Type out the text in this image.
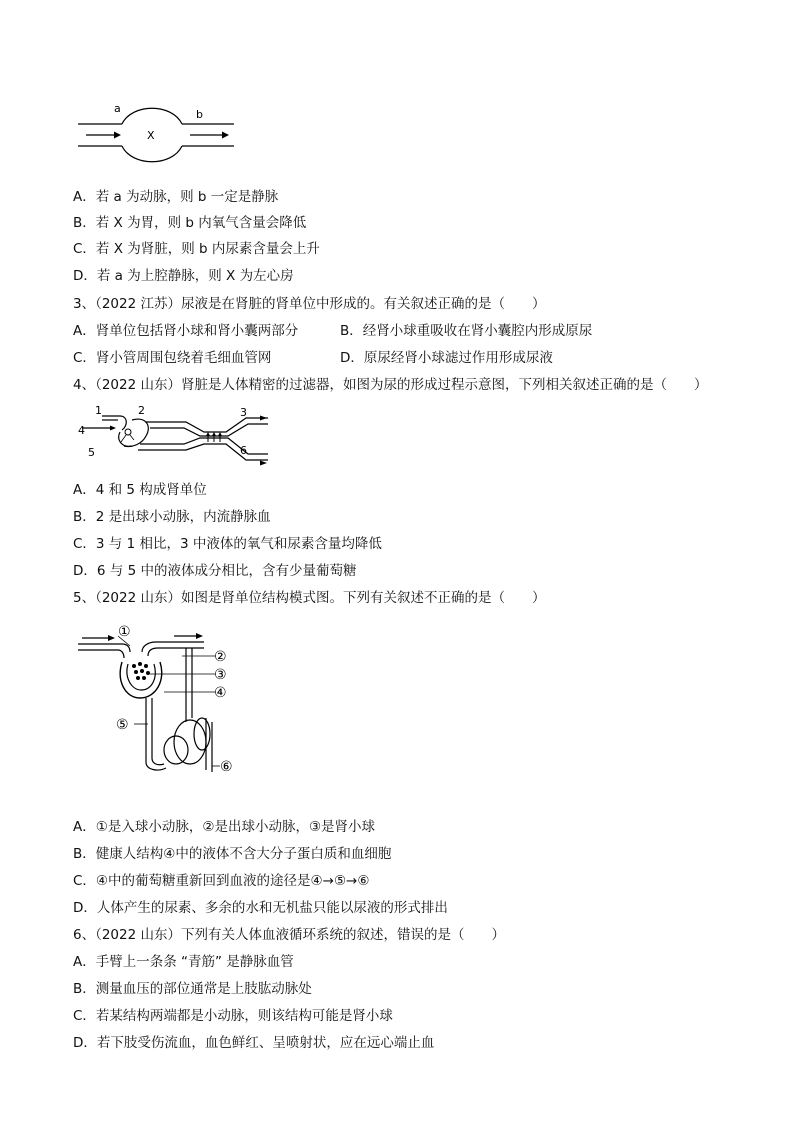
a	b
X
A．若 a 为动脉，则 b 一定是静脉
B．若 X 为胃，则 b 内氧气含量会降低
C．若 X 为肾脏，则 b 内尿素含量会上升
D．若 a 为上腔静脉，则 X 为左心房
3、（2022 江苏）尿液是在肾脏的肾单位中形成的。有关叙述正确的是（　　）
A．肾单位包括肾小球和肾小囊两部分	B．经肾小球重吸收在肾小囊腔内形成原尿
C．肾小管周围包绕着毛细血管网	D．原尿经肾小球滤过作用形成尿液
4、（2022 山东）肾脏是人体精密的过滤器，如图为尿的形成过程示意图，下列相关叙述正确的是（　　）
1	2	3
4
5	6
A．4 和 5 构成肾单位
B．2 是出球小动脉，内流静脉血
C．3 与 1 相比，3 中液体的氧气和尿素含量均降低
D．6 与 5 中的液体成分相比，含有少量葡萄糖
5、（2022 山东）如图是肾单位结构模式图。下列有关叙述不正确的是（　　）
①
②
③
④
⑤
⑥
A．①是入球小动脉，②是出球小动脉，③是肾小球
B．健康人结构④中的液体不含大分子蛋白质和血细胞
C．④中的葡萄糖重新回到血液的途径是④→⑤→⑥
D．人体产生的尿素、多余的水和无机盐只能以尿液的形式排出
6、（2022 山东）下列有关人体血液循环系统的叙述，错误的是（　　）
A．手臂上一条条 “青筋” 是静脉血管
B．测量血压的部位通常是上肢肱动脉处
C．若某结构两端都是小动脉，则该结构可能是肾小球
D．若下肢受伤流血，血色鲜红、呈喷射状，应在远心端止血
